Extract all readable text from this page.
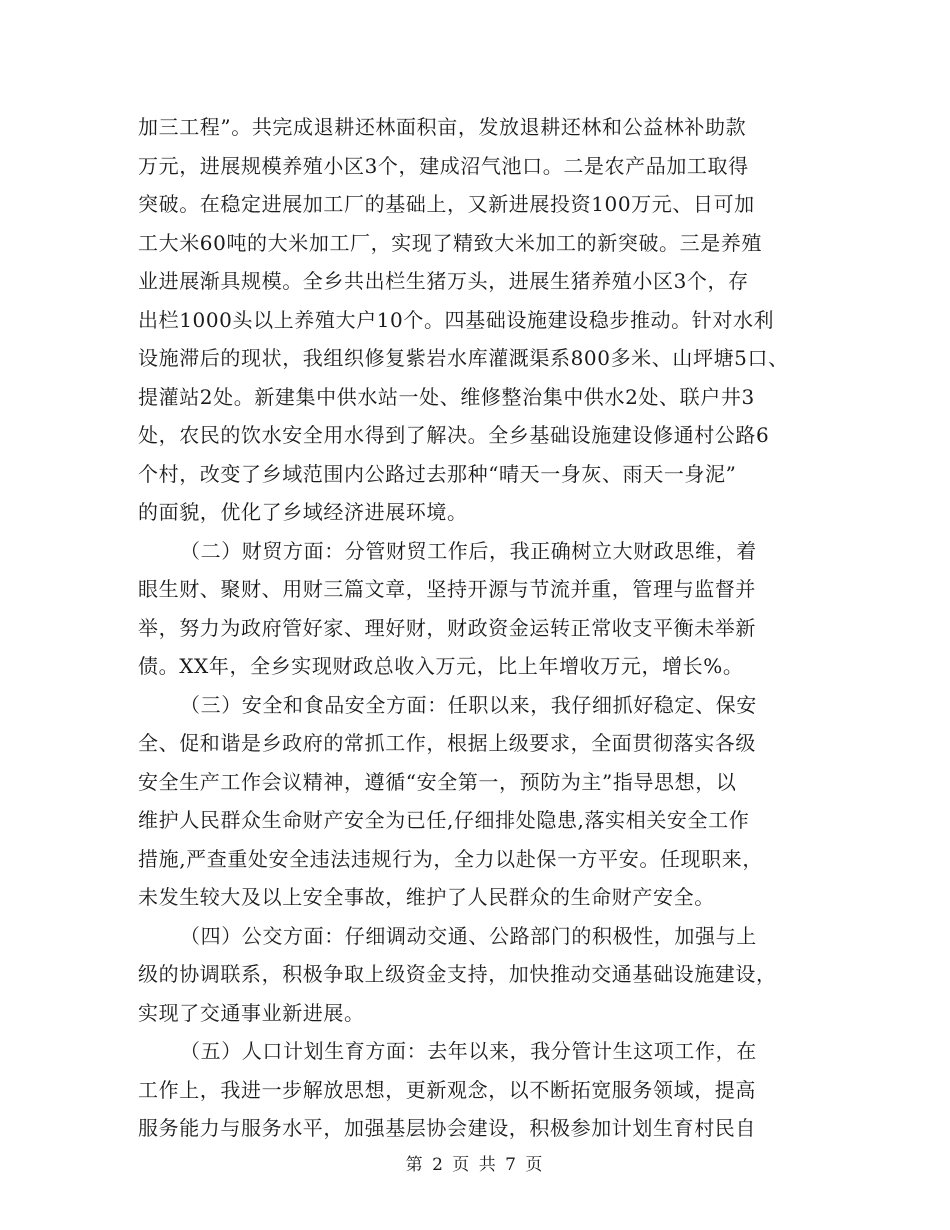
加三工程”。共完成退耕还林面积亩，发放退耕还林和公益林补助款
万元，进展规模养殖小区3个，建成沼气池口。二是农产品加工取得
突破。在稳定进展加工厂的基础上，又新进展投资100万元、日可加
工大米60吨的大米加工厂，实现了精致大米加工的新突破。三是养殖
业进展渐具规模。全乡共出栏生猪万头，进展生猪养殖小区3个，存
出栏1000头以上养殖大户10个。四基础设施建设稳步推动。针对水利
设施滞后的现状，我组织修复紫岩水库灌溉渠系800多米、山坪塘5口、
提灌站2处。新建集中供水站一处、维修整治集中供水2处、联户井3
处，农民的饮水安全用水得到了解决。全乡基础设施建设修通村公路6
个村，改变了乡域范围内公路过去那种“晴天一身灰、雨天一身泥”
的面貌，优化了乡域经济进展环境。
（二）财贸方面：分管财贸工作后，我正确树立大财政思维，着
眼生财、聚财、用财三篇文章，坚持开源与节流并重，管理与监督并
举，努力为政府管好家、理好财，财政资金运转正常收支平衡未举新
债。XX年，全乡实现财政总收入万元，比上年增收万元，增长%。
（三）安全和食品安全方面：任职以来，我仔细抓好稳定、保安
全、促和谐是乡政府的常抓工作，根据上级要求，全面贯彻落实各级
安全生产工作会议精神，遵循“安全第一，预防为主”指导思想，以
维护人民群众生命财产安全为已任,仔细排处隐患,落实相关安全工作
措施,严查重处安全违法违规行为，全力以赴保一方平安。任现职来，
未发生较大及以上安全事故，维护了人民群众的生命财产安全。
（四）公交方面：仔细调动交通、公路部门的积极性，加强与上
级的协调联系，积极争取上级资金支持，加快推动交通基础设施建设，
实现了交通事业新进展。
（五）人口计划生育方面：去年以来，我分管计生这项工作，在
工作上，我进一步解放思想，更新观念，以不断拓宽服务领域，提高
服务能力与服务水平，加强基层协会建设，积极参加计划生育村民自
第 2 页 共 7 页
